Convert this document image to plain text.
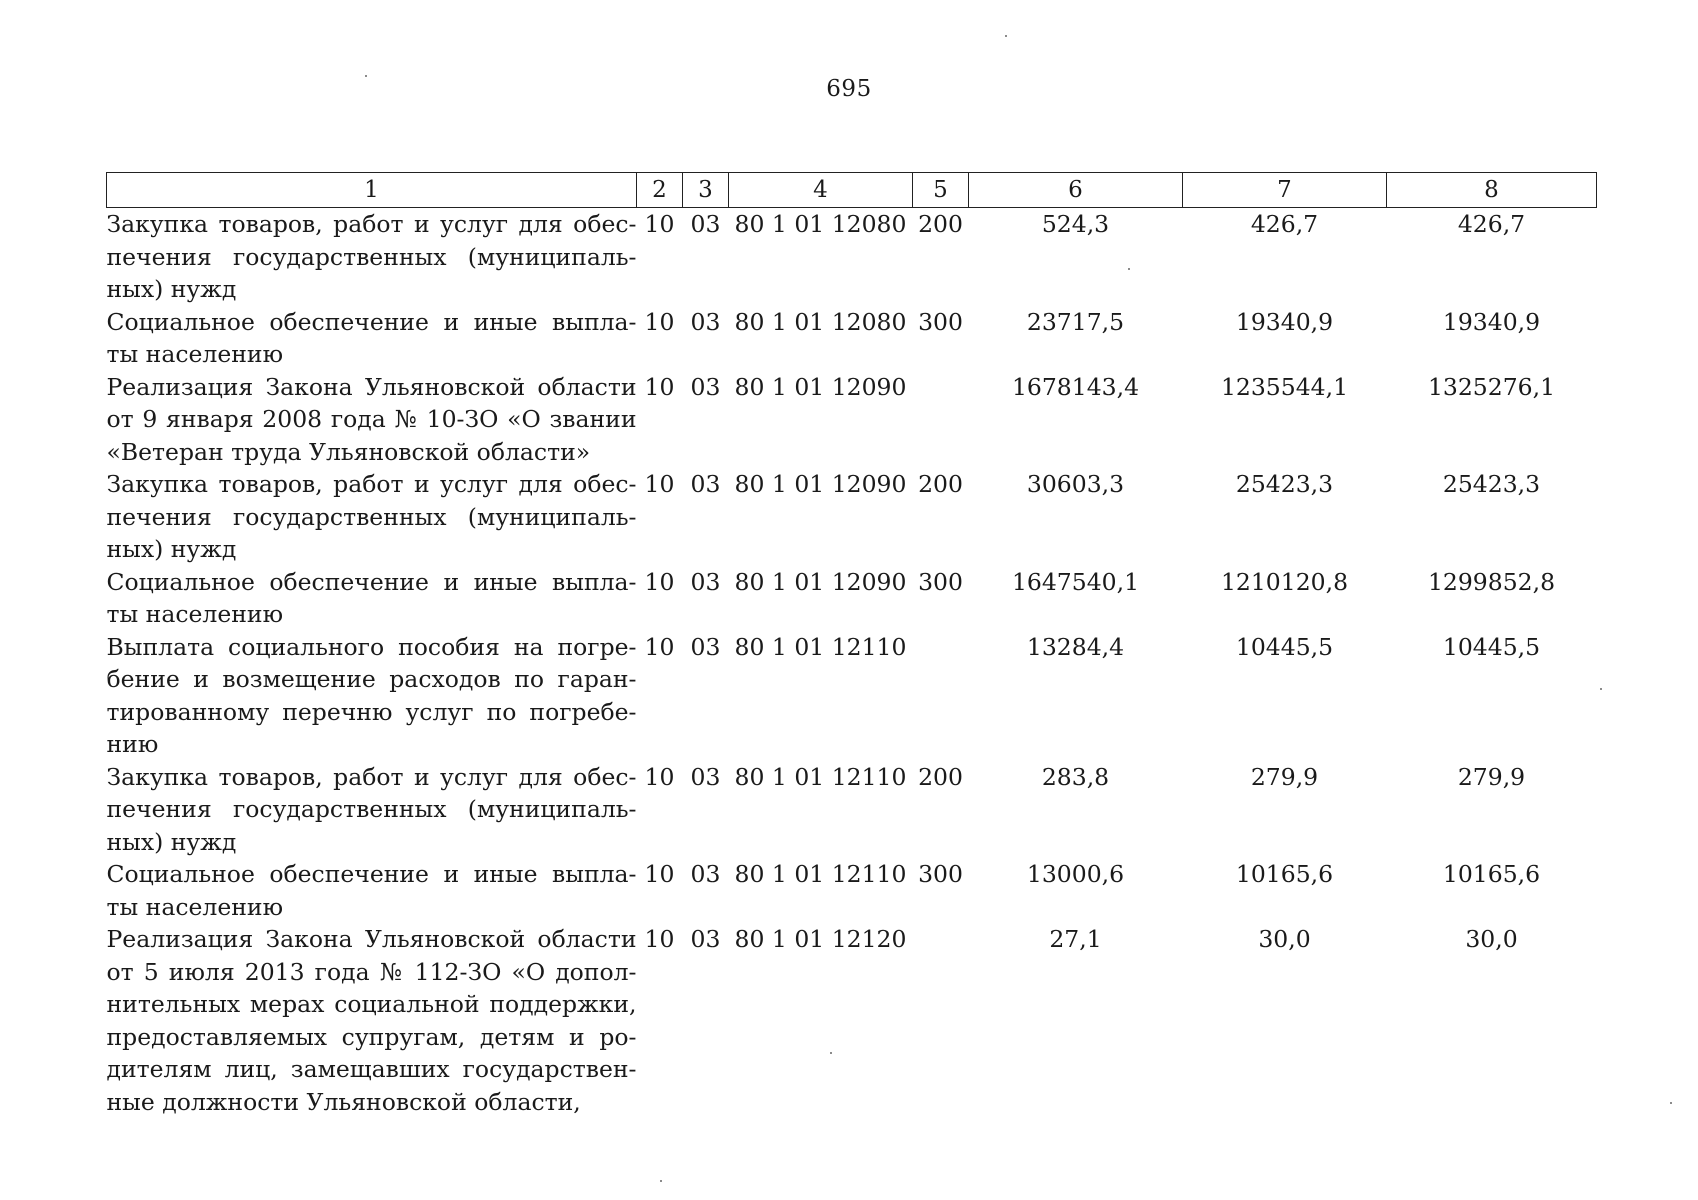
695
1	2	3	4	5	6	7	8
Закупка товаров, работ и услуг для обес-печения государственных (муниципаль-ных) нужд	10	03	80 1 01 12080	200	524,3	426,7	426,7
Социальное обеспечение и иные выпла-ты населению	10	03	80 1 01 12080	300	23717,5	19340,9	19340,9
Реализация Закона Ульяновской области от 9 января 2008 года № 10-ЗО «О звании «Ветеран труда Ульяновской области»	10	03	80 1 01 12090		1678143,4	1235544,1	1325276,1
Закупка товаров, работ и услуг для обес-печения государственных (муниципаль-ных) нужд	10	03	80 1 01 12090	200	30603,3	25423,3	25423,3
Социальное обеспечение и иные выпла-ты населению	10	03	80 1 01 12090	300	1647540,1	1210120,8	1299852,8
Выплата социального пособия на погре-бение и возмещение расходов по гаран-тированному перечню услуг по погребе-нию	10	03	80 1 01 12110		13284,4	10445,5	10445,5
Закупка товаров, работ и услуг для обес-печения государственных (муниципаль-ных) нужд	10	03	80 1 01 12110	200	283,8	279,9	279,9
Социальное обеспечение и иные выпла-ты населению	10	03	80 1 01 12110	300	13000,6	10165,6	10165,6
Реализация Закона Ульяновской области от 5 июля 2013 года № 112-ЗО «О допол-нительных мерах социальной поддержки, предоставляемых супругам, детям и ро-дителям лиц, замещавших государствен-ные должности Ульяновской области,	10	03	80 1 01 12120		27,1	30,0	30,0
